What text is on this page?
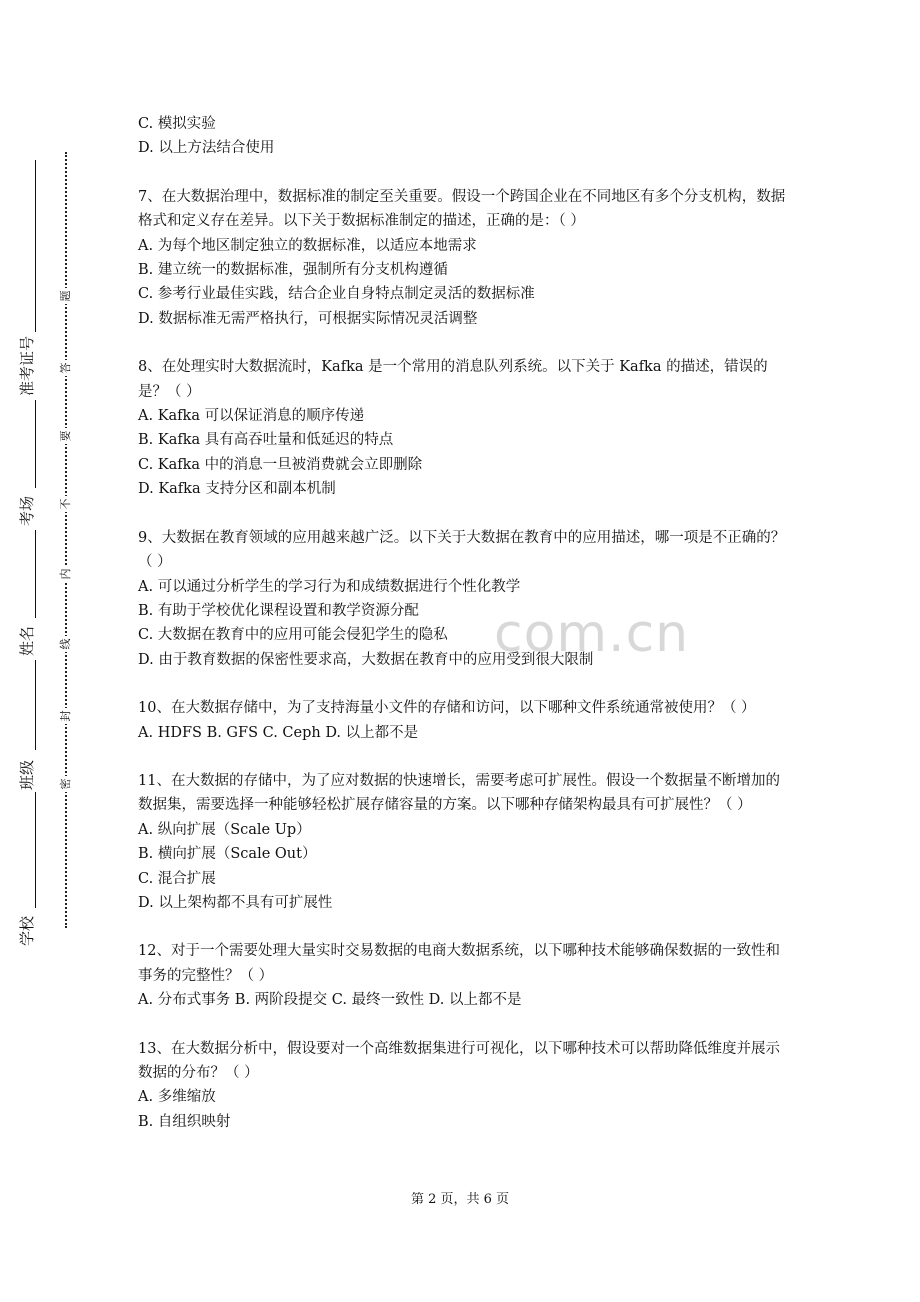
准考证号
考场
姓名
班级
学校
题
答
要
不
内
线
封
密
com.cn
C. 模拟实验
D. 以上方法结合使用
7、在大数据治理中，数据标准的制定至关重要。假设一个跨国企业在不同地区有多个分支机构，数据格式和定义存在差异。以下关于数据标准制定的描述，正确的是：（ ）
A. 为每个地区制定独立的数据标准，以适应本地需求
B. 建立统一的数据标准，强制所有分支机构遵循
C. 参考行业最佳实践，结合企业自身特点制定灵活的数据标准
D. 数据标准无需严格执行，可根据实际情况灵活调整
8、在处理实时大数据流时，Kafka 是一个常用的消息队列系统。以下关于 Kafka 的描述，错误的是？（ ）
A. Kafka 可以保证消息的顺序传递
B. Kafka 具有高吞吐量和低延迟的特点
C. Kafka 中的消息一旦被消费就会立即删除
D. Kafka 支持分区和副本机制
9、大数据在教育领域的应用越来越广泛。以下关于大数据在教育中的应用描述，哪一项是不正确的？（ ）
A. 可以通过分析学生的学习行为和成绩数据进行个性化教学
B. 有助于学校优化课程设置和教学资源分配
C. 大数据在教育中的应用可能会侵犯学生的隐私
D. 由于教育数据的保密性要求高，大数据在教育中的应用受到很大限制
10、在大数据存储中，为了支持海量小文件的存储和访问，以下哪种文件系统通常被使用？（ ）
A. HDFS B. GFS C. Ceph D. 以上都不是
11、在大数据的存储中，为了应对数据的快速增长，需要考虑可扩展性。假设一个数据量不断增加的数据集，需要选择一种能够轻松扩展存储容量的方案。以下哪种存储架构最具有可扩展性？（ ）
A. 纵向扩展（Scale Up）
B. 横向扩展（Scale Out）
C. 混合扩展
D. 以上架构都不具有可扩展性
12、对于一个需要处理大量实时交易数据的电商大数据系统，以下哪种技术能够确保数据的一致性和事务的完整性？（ ）
A. 分布式事务 B. 两阶段提交 C. 最终一致性 D. 以上都不是
13、在大数据分析中，假设要对一个高维数据集进行可视化，以下哪种技术可以帮助降低维度并展示数据的分布？（ ）
A. 多维缩放
B. 自组织映射
第 2 页，共 6 页
